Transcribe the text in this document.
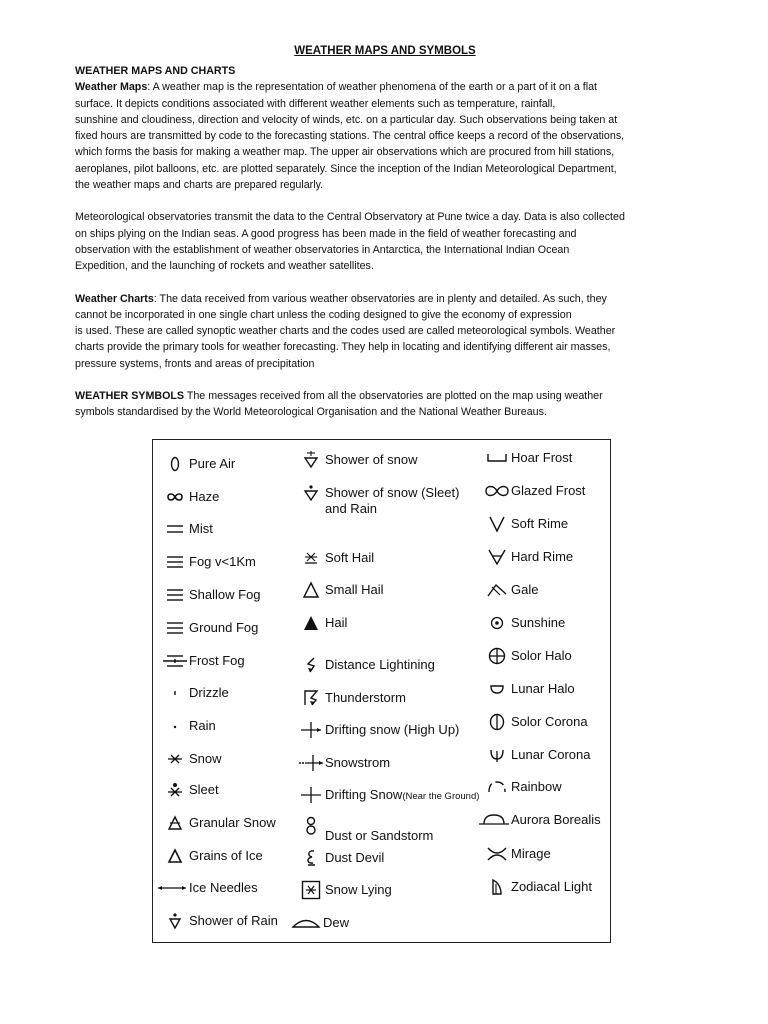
WEATHER MAPS AND SYMBOLS

WEATHER MAPS AND CHARTS

Weather Maps: A weather map is the representation of weather phenomena of the earth or a part of it on a flat
surface. It depicts conditions associated with different weather elements such as temperature, rainfall,
sunshine and cloudiness, direction and velocity of winds, etc. on a particular day. Such observations being taken at
fixed hours are transmitted by code to the forecasting stations. The central office keeps a record of the observations,
which forms the basis for making a weather map. The upper air observations which are procured from hill stations,
aeroplanes, pilot balloons, etc. are plotted separately. Since the inception of the Indian Meteorological Department,
the weather maps and charts are prepared regularly.

Meteorological observatories transmit the data to the Central Observatory at Pune twice a day. Data is also collected
on ships plying on the Indian seas. A good progress has been made in the field of weather forecasting and
observation with the establishment of weather observatories in Antarctica, the International Indian Ocean
Expedition, and the launching of rockets and weather satellites.

Weather Charts: The data received from various weather observatories are in plenty and detailed. As such, they
cannot be incorporated in one single chart unless the coding designed to give the economy of expression
is used. These are called synoptic weather charts and the codes used are called meteorological symbols. Weather
charts provide the primary tools for weather forecasting. They help in locating and identifying different air masses,
pressure systems, fronts and areas of precipitation

WEATHER SYMBOLS The messages received from all the observatories are plotted on the map using weather
symbols standardised by the World Meteorological Organisation and the National Weather Bureaus.

Pure Air
Haze
Mist
Fog v<1Km
Shallow Fog
Ground Fog
Frost Fog
Drizzle
Rain
Snow
Sleet
Granular Snow
Grains of Ice
Ice Needles
Shower of Rain
Shower of snow
Shower of snow (Sleet)
and Rain
Soft Hail
Small Hail
Hail
Distance Lightining
Thunderstorm
Drifting snow (High Up)
Snowstrom
Drifting Snow(Near the Ground)
Dust or Sandstorm
Dust Devil
Snow Lying
Dew
Hoar Frost
Glazed Frost
Soft Rime
Hard Rime
Gale
Sunshine
Solor Halo
Lunar Halo
Solor Corona
Lunar Corona
Rainbow
Aurora Borealis
Mirage
Zodiacal Light
